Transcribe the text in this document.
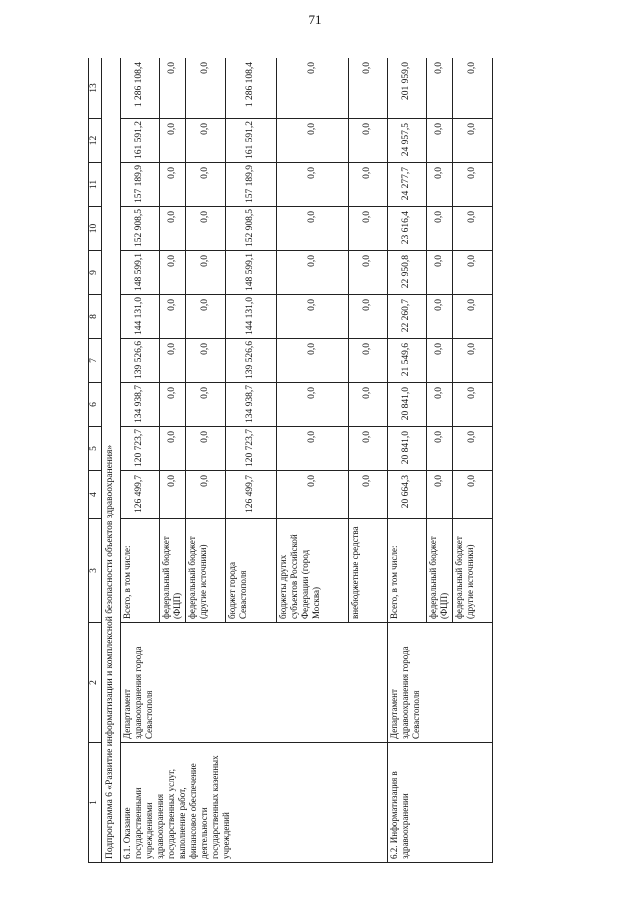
71
1	2	3	4	5	6	7	8	9	10	11	12	13
Подпрограмма 6 «Развитие информатизации и комплексной безопасности объектов здравоохранения»												
6.1. Оказание государственными учреждениями здравоохранения государственных услуг, выполнение работ, финансовое обеспечение деятельности государственных казенных учреждений	Департамент здравоохранения города Севастополя	Всего, в том числе:	126 499,7	120 723,7	134 938,7	139 526,6	144 131,0	148 599,1	152 908,5	157 189,9	161 591,2	1 286 108,4
		федеральный бюджет (ФЦП)	0,0	0,0	0,0	0,0	0,0	0,0	0,0	0,0	0,0	0,0
		федеральный бюджет (другие источники)	0,0	0,0	0,0	0,0	0,0	0,0	0,0	0,0	0,0	0,0
		бюджет города Севастополя	126 499,7	120 723,7	134 938,7	139 526,6	144 131,0	148 599,1	152 908,5	157 189,9	161 591,2	1 286 108,4
		бюджеты других субъектов Российской Федерации (город Москва)	0,0	0,0	0,0	0,0	0,0	0,0	0,0	0,0	0,0	0,0
		внебюджетные средства	0,0	0,0	0,0	0,0	0,0	0,0	0,0	0,0	0,0	0,0
6.2. Информатизация в здравоохранении	Департамент здравоохранения города Севастополя	Всего, в том числе:	20 664,3	20 841,0	20 841,0	21 549,6	22 260,7	22 950,8	23 616,4	24 277,7	24 957,5	201 959,0
		федеральный бюджет (ФЦП)	0,0	0,0	0,0	0,0	0,0	0,0	0,0	0,0	0,0	0,0
		федеральный бюджет (другие источники)	0,0	0,0	0,0	0,0	0,0	0,0	0,0	0,0	0,0	0,0
